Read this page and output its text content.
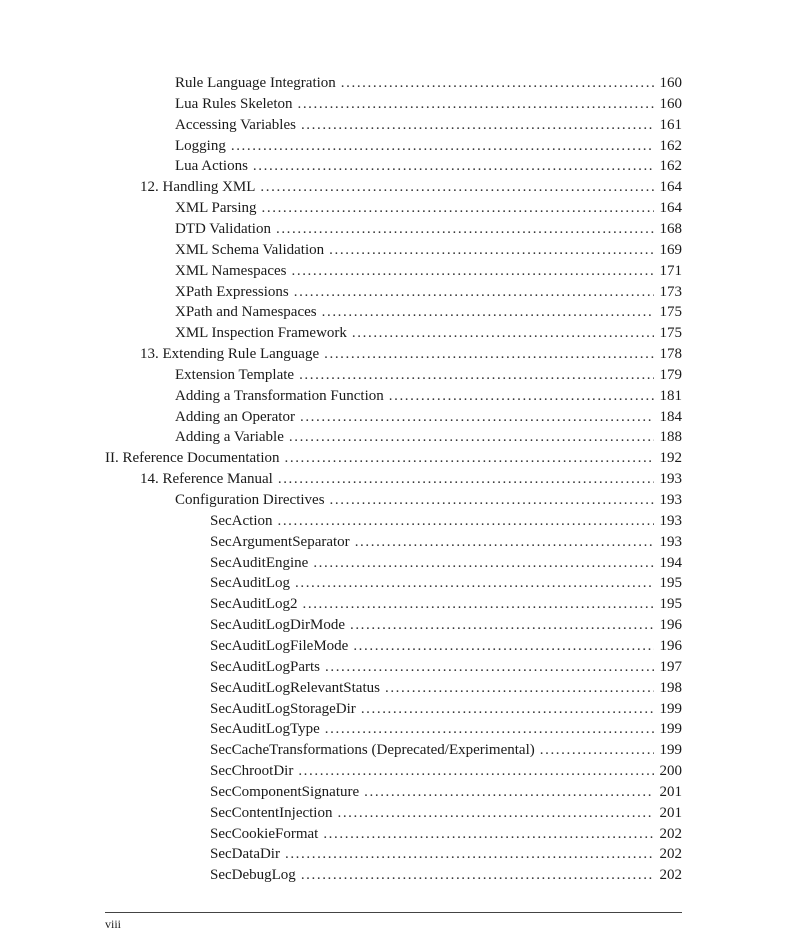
Rule Language Integration .....	160
Lua Rules Skeleton .....	160
Accessing Variables .....	161
Logging .....	162
Lua Actions .....	162
12. Handling XML .....	164
XML Parsing .....	164
DTD Validation .....	168
XML Schema Validation .....	169
XML Namespaces .....	171
XPath Expressions .....	173
XPath and Namespaces .....	175
XML Inspection Framework .....	175
13. Extending Rule Language .....	178
Extension Template .....	179
Adding a Transformation Function .....	181
Adding an Operator .....	184
Adding a Variable .....	188
II. Reference Documentation .....	192
14. Reference Manual .....	193
Configuration Directives .....	193
SecAction .....	193
SecArgumentSeparator .....	193
SecAuditEngine .....	194
SecAuditLog .....	195
SecAuditLog2 .....	195
SecAuditLogDirMode .....	196
SecAuditLogFileMode .....	196
SecAuditLogParts .....	197
SecAuditLogRelevantStatus .....	198
SecAuditLogStorageDir .....	199
SecAuditLogType .....	199
SecCacheTransformations (Deprecated/Experimental) .....	199
SecChrootDir .....	200
SecComponentSignature .....	201
SecContentInjection .....	201
SecCookieFormat .....	202
SecDataDir .....	202
SecDebugLog .....	202
viii
